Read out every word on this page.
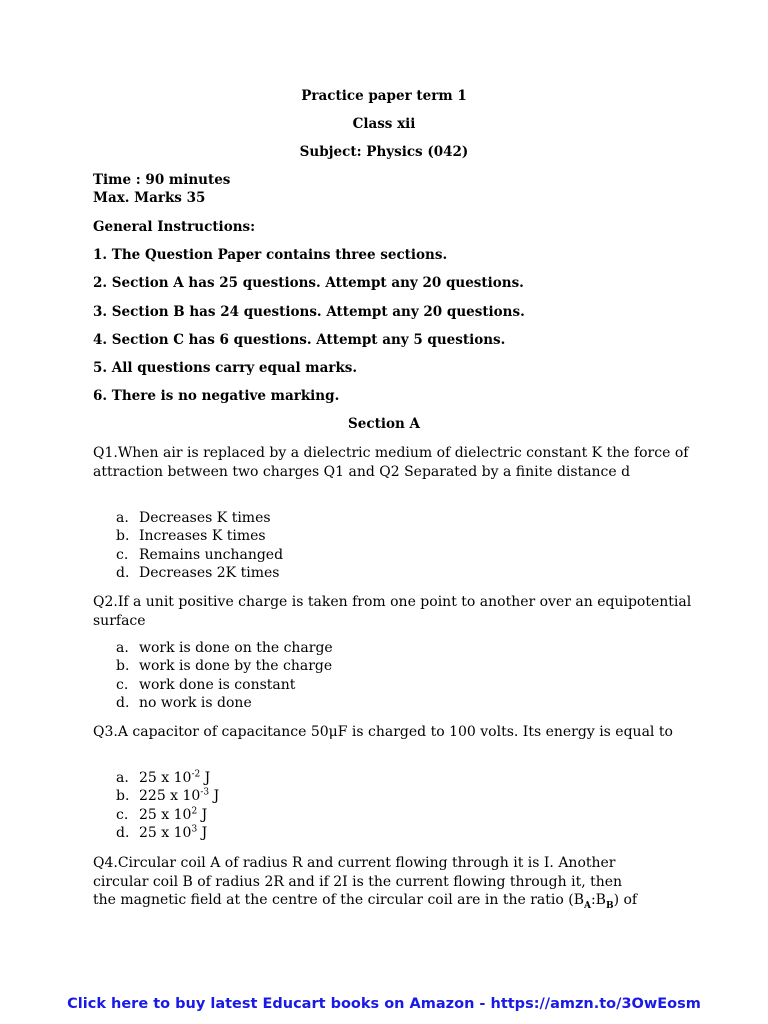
Practice paper term 1
Class xii
Subject: Physics (042)
Time : 90 minutes
Max. Marks 35
General Instructions:
1. The Question Paper contains three sections.
2. Section A has 25 questions. Attempt any 20 questions.
3. Section B has 24 questions. Attempt any 20 questions.
4. Section C has 6 questions. Attempt any 5 questions.
5. All questions carry equal marks.
6. There is no negative marking.
Section A
Q1.When air is replaced by a dielectric medium of dielectric constant K the force of attraction between two charges Q1 and Q2 Separated by a finite distance d
a. Decreases K times
b. Increases K times
c. Remains unchanged
d. Decreases 2K times
Q2.If a unit positive charge is taken from one point to another over an equipotential surface
a. work is done on the charge
b. work is done by the charge
c. work done is constant
d. no work is done
Q3.A capacitor of capacitance 50μF is charged to 100 volts. Its energy is equal to
a. 25 x $10^{-2}$ J
b. 225 x $10^{-3}$ J
c. 25 x $10^2$ J
d. 25 x $10^3$ J
Q4.Circular coil A of radius R and current flowing through it is I. Another
circular coil B of radius 2R and if 2I is the current flowing through it, then
the magnetic field at the centre of the circular coil are in the ratio $(B_A:B_B)$ of
Click here to buy latest Educart books on Amazon - https://amzn.to/3OwEosm
